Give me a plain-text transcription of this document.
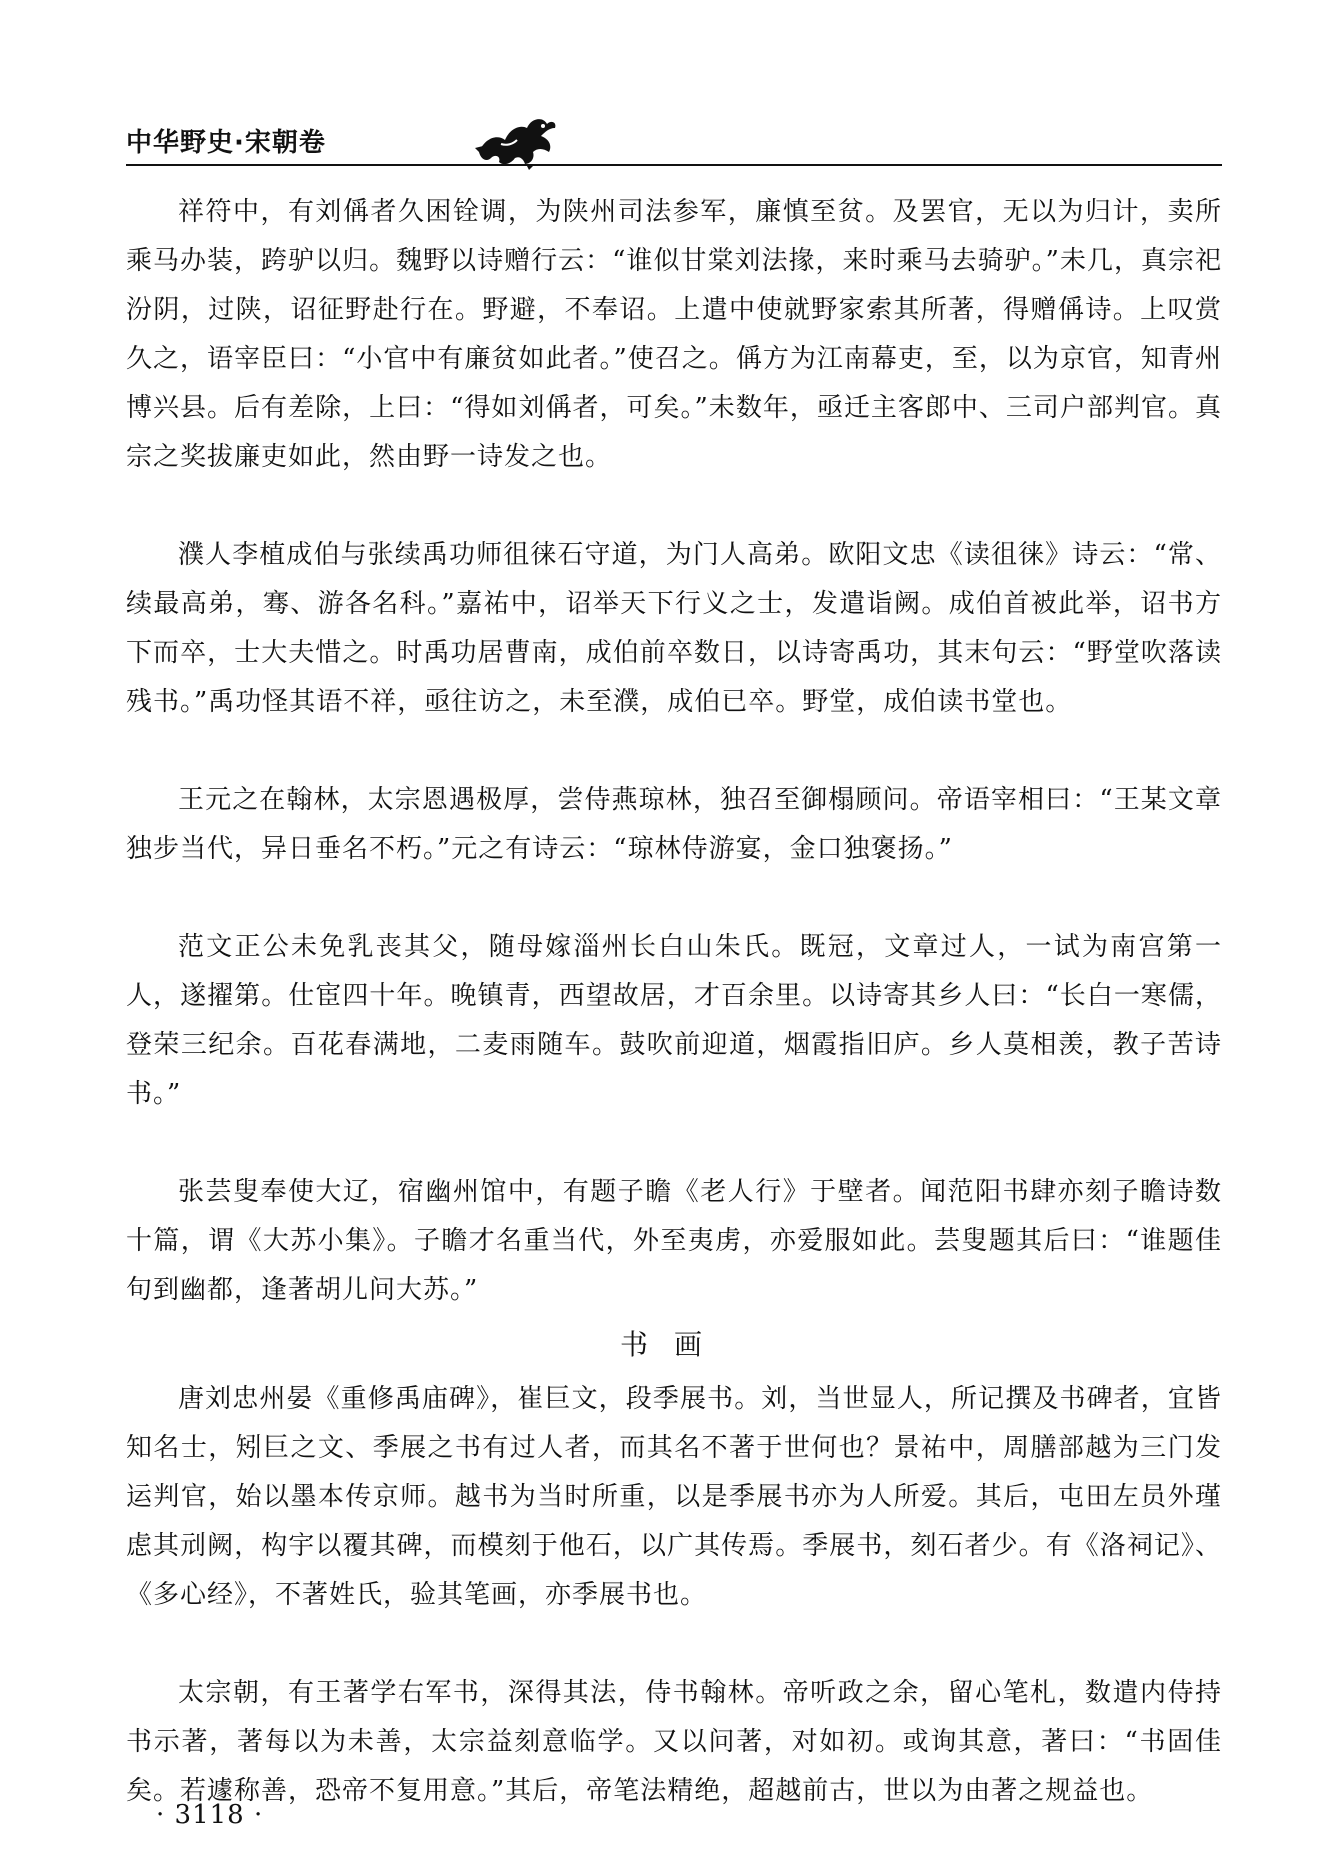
中华野史·宋朝卷

祥符中，有刘偁者久困铨调，为陕州司法参军，廉慎至贫。及罢官，无以为归计，卖所乘马办装，跨驴以归。魏野以诗赠行云：“谁似甘棠刘法掾，来时乘马去骑驴。”未几，真宗祀汾阴，过陕，诏征野赴行在。野避，不奉诏。上遣中使就野家索其所著，得赠偁诗。上叹赏久之，语宰臣曰：“小官中有廉贫如此者。”使召之。偁方为江南幕吏，至，以为京官，知青州博兴县。后有差除，上曰：“得如刘偁者，可矣。”未数年，亟迁主客郎中、三司户部判官。真宗之奖拔廉吏如此，然由野一诗发之也。

濮人李植成伯与张续禹功师徂徕石守道，为门人高弟。欧阳文忠《读徂徕》诗云：“常、续最高弟，骞、游各名科。”嘉祐中，诏举天下行义之士，发遣诣阙。成伯首被此举，诏书方下而卒，士大夫惜之。时禹功居曹南，成伯前卒数日，以诗寄禹功，其末句云：“野堂吹落读残书。”禹功怪其语不祥，亟往访之，未至濮，成伯已卒。野堂，成伯读书堂也。

王元之在翰林，太宗恩遇极厚，尝侍燕琼林，独召至御榻顾问。帝语宰相曰：“王某文章独步当代，异日垂名不朽。”元之有诗云：“琼林侍游宴，金口独褒扬。”

范文正公未免乳丧其父，随母嫁淄州长白山朱氏。既冠，文章过人，一试为南宫第一人，遂擢第。仕宦四十年。晚镇青，西望故居，才百余里。以诗寄其乡人曰：“长白一寒儒，登荣三纪余。百花春满地，二麦雨随车。鼓吹前迎道，烟霞指旧庐。乡人莫相羡，教子苦诗书。”

张芸叟奉使大辽，宿幽州馆中，有题子瞻《老人行》于壁者。闻范阳书肆亦刻子瞻诗数十篇，谓《大苏小集》。子瞻才名重当代，外至夷虏，亦爱服如此。芸叟题其后曰：“谁题佳句到幽都，逢著胡儿问大苏。”

书画

唐刘忠州晏《重修禹庙碑》，崔巨文，段季展书。刘，当世显人，所记撰及书碑者，宜皆知名士，矧巨之文、季展之书有过人者，而其名不著于世何也？景祐中，周膳部越为三门发运判官，始以墨本传京师。越书为当时所重，以是季展书亦为人所爱。其后，屯田左员外瑾虑其刓阙，构宇以覆其碑，而模刻于他石，以广其传焉。季展书，刻石者少。有《洛祠记》、《多心经》，不著姓氏，验其笔画，亦季展书也。

太宗朝，有王著学右军书，深得其法，侍书翰林。帝听政之余，留心笔札，数遣内侍持书示著，著每以为未善，太宗益刻意临学。又以问著，对如初。或询其意，著曰：“书固佳矣。若遽称善，恐帝不复用意。”其后，帝笔法精绝，超越前古，世以为由著之规益也。

· 3118 ·
